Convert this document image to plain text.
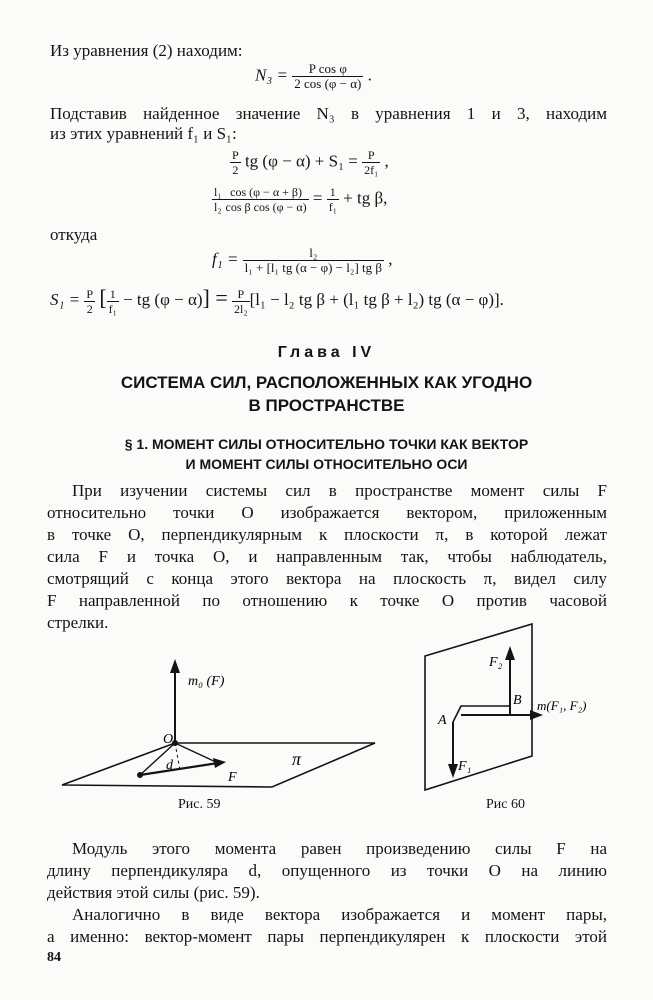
Из уравнения (2) находим:
$N_3 = \frac{\text{P cos φ}}{2 \cos (\varphi - \alpha)}$ .
Подставив найденное значение N₃ в уравнения 1 и 3, находим
из этих уравнений f₁ и S₁:
$\frac{P}{2}$ tg $(\varphi - \alpha) + S_1 = \frac{P}{\text{2f₁}}$ ,
$\frac{\text{l₁}}{\text{l₂}} \frac{\cos (\varphi - \alpha + \beta)}{\text{cos β cos (φ − α)}} = \frac{1}{\text{f₁}}$ + tg β,
откуда
$f_1 = \frac{\text{l₂}}{\text{l₁ + [l₁ tg (α − φ) − l₂] tg β}}$ ,
$S_1 = \frac{P}{2}$ [ $\frac{1}{\text{f₁}}$ − tg $(\varphi - \alpha)] = \frac{P}{\text{2l₂}} [l_1 - l_2$ tg β + (l₁ tg β + l₂) tg (α − φ)].
Глава IV
СИСТЕМА СИЛ, РАСПОЛОЖЕННЫХ КАК УГОДНО
В ПРОСТРАНСТВЕ
§ 1. МОМЕНТ СИЛЫ ОТНОСИТЕЛЬНО ТОЧКИ КАК ВЕКТОР
И МОМЕНТ СИЛЫ ОТНОСИТЕЛЬНО ОСИ
При изучении системы сил в пространстве момент силы F
относительно точки O изображается вектором, приложенным
в точке O, перпендикулярным к плоскости π, в которой лежат
сила F и точка O, и направленным так, чтобы наблюдатель,
смотрящий с конца этого вектора на плоскость π, видел силу
F направленной по отношению к точке O против часовой
стрелки.
m₀ (F)
O
d
F
π
Рис. 59
F₂
B
A
m(F₁, F₂)
F₁
Рис 60
Модуль этого момента равен произведению силы F на
длину перпендикуляра d, опущенного из точки O на линию
действия этой силы (рис. 59).
Аналогично в виде вектора изображается и момент пары,
а именно: вектор-момент пары перпендикулярен к плоскости этой
84
